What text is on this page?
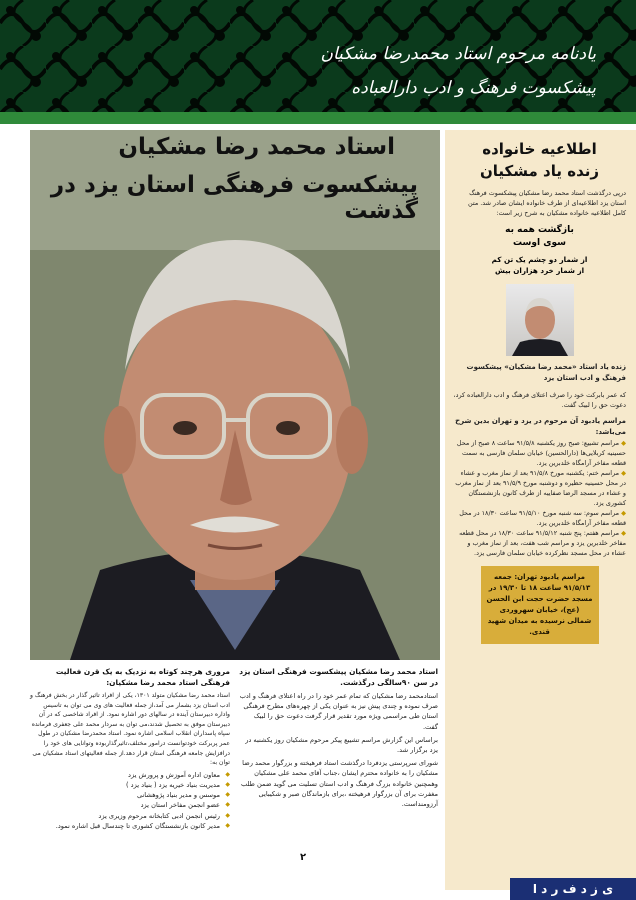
یادنامه مرحوم استاد محمدرضا مشکیان
پیشکسوت فرهنگ و ادب دارالعباده
استاد محمد رضا مشکیان
پیشکسوت فرهنگی استان یزد در گذشت
اطلاعیه خانواده
زنده یاد مشکیان

درپی درگذشت استاد محمد رضا مشکیان پیشکسوت فرهنگ استان یزد اطلاعیه‌ای از طرف خانواده ایشان صادر شد. متن کامل اطلاعیه خانواده مشکیان به شرح زیر است:

بازگشت همه به
سوی اوست
از شمار دو چشم یک تن کم
از شمار خرد هزاران بیش

زنده یاد استاد «محمد رضا مشکیان» پیشکسوت فرهنگ و ادب استان یزد

که عمر بابرکت خود را صرف اعتلای فرهنگ و ادب دارالعباده کرد، دعوت حق را لبیک گفت.

مراسم یادبود آن مرحوم در یزد و تهران بدین شرح می‌باشد:

◆ مراسم تشییع: صبح روز یکشنبه ۹۱/۵/۸ ساعت ۸ صبح از محل حسینیه کربلایی‌ها (دارالحسین) خیابان سلمان فارسی به سمت قطعه مفاخر آرامگاه خلدبرین یزد.

◆ مراسم ختم: یکشنبه مورخ ۹۱/۵/۸ بعد از نماز مغرب و عشاء در محل حسینیه حظیره و دوشنبه مورخ ۹۱/۵/۹ بعد از نماز مغرب و عشاء در مسجد الرضا صفاییه از طرف کانون بازنشستگان کشوری یزد.

◆ مراسم سوم: سه شنبه مورخ ۹۱/۵/۱۰ ساعت ۱۸/۳۰ در محل قطعه مفاخر آرامگاه خلدبرین یزد.

◆ مراسم هفتم: پنج شنبه ۹۱/۵/۱۲ ساعت ۱۸/۳۰ در محل قطعه مفاخر خلدبرین یزد و مراسم شب هفت، بعد از نماز مغرب و عشاء در محل مسجد نظرکرده خیابان سلمان فارسی یزد.

مراسم یادبود تهران: جمعه ۹۱/۵/۱۳ ساعت ۱۸ تا ۱۹/۳۰ در مسجد حضرت حجت ابن الحسن (عج)، خیابان سهروردی شمالی نرسیده به میدان شهید قندی.
استاد محمد رضا مشکیان پیشکسوت فرهنگی استان یزد در سن ۹۰سالگی درگذشت.

استادمحمد رضا مشکیان که تمام عمر خود را در راه اعتلای فرهنگ و ادب صرف نموده و چندی پیش نیز به عنوان یکی از چهره‌های مطرح فرهنگی استان طی مراسمی ویژه مورد تقدیر قرار گرفت دعوت حق را لبیک گفت.

براساس این گزارش مراسم تشییع پیکر مرحوم مشکیان روز یکشنبه در یزد برگزار شد.

شورای سرپرستی یزدفردا درگذشت استاد فرهیخته و بزرگوار محمد رضا مشکیان را به خانواده محترم ایشان ،جناب آقای محمد علی مشکیان وهمچنین خانواده بزرگ فرهنگ و ادب استان تسلیت می گوید ضمن طلب مغفرت برای آن بزرگوار فرهیخته ،برای بازماندگان صبر و شکیبایی آرزومنداست.

مروری هرچند کوتاه به نزدیک به یک قرن فعالیت فرهنگی استاد محمد رضا مشکیان:

استاد محمد رضا مشکیان متولد ۱۳۰۱، یکی از افراد تاثیر گذار در بخش فرهنگ و ادب استان یزد بشمار می آمد،از جمله فعالیت های وی می توان به تاسیس واداره دبیرستان آینده در سالهای دور اشاره نمود. از افراد شاخصی که در آن دبیرستان موفق به تحصیل شدند،می توان به سردار محمد علی جعفری فرمانده سپاه پاسداران انقلاب اسلامی اشاره نمود. استاد محمدرضا مشکیان در طول عمر پربرکت خودتوانست درامور مختلف،تاثیرگذاربوده وتوانایی های خود را درافزایش جامعه فرهنگی استان قرار دهد.از جمله فعالیتهای استاد مشکیان می توان به:

◆ معاون اداره آموزش و پرورش یزد
◆ مدیریت بنیاد خیریه یزد ( بنیاد یزد )
◆ موسس و مدیر بنیاد پژوهشانی
◆ عضو انجمن مفاخر استان یزد
◆ رئیس انجمن ادبی کتابخانه مرحوم وزیری یزد
◆ مدیر کانون بازنشستگان کشوری تا چندسال قبل اشاره نمود.
۲
ی ز د ف ر د ا
